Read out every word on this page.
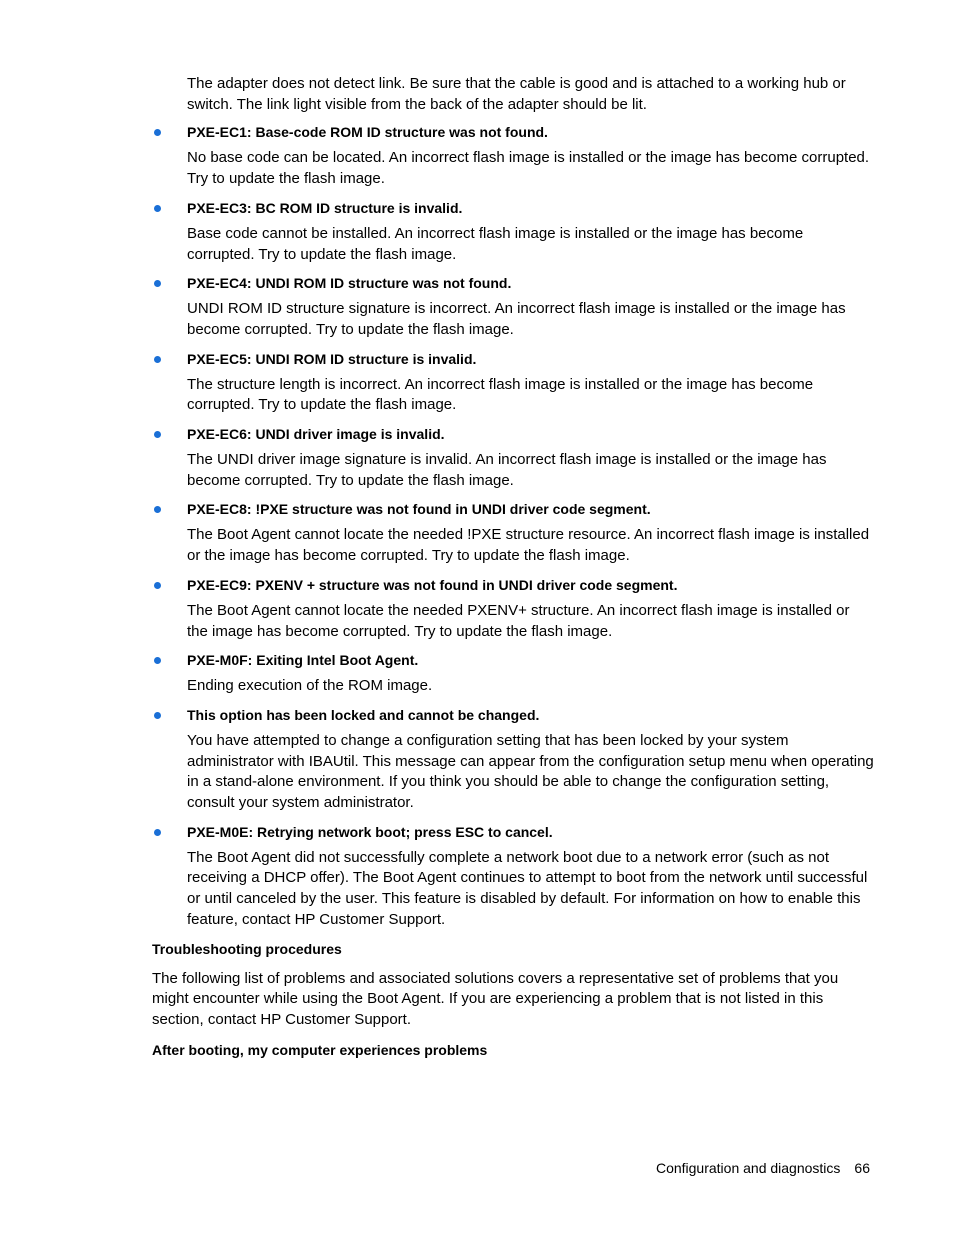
The adapter does not detect link. Be sure that the cable is good and is attached to a working hub or switch. The link light visible from the back of the adapter should be lit.

PXE-EC1: Base-code ROM ID structure was not found.

No base code can be located. An incorrect flash image is installed or the image has become corrupted. Try to update the flash image.

PXE-EC3: BC ROM ID structure is invalid.

Base code cannot be installed. An incorrect flash image is installed or the image has become corrupted. Try to update the flash image.

PXE-EC4: UNDI ROM ID structure was not found.

UNDI ROM ID structure signature is incorrect. An incorrect flash image is installed or the image has become corrupted. Try to update the flash image.

PXE-EC5: UNDI ROM ID structure is invalid.

The structure length is incorrect. An incorrect flash image is installed or the image has become corrupted. Try to update the flash image.

PXE-EC6: UNDI driver image is invalid.

The UNDI driver image signature is invalid. An incorrect flash image is installed or the image has become corrupted. Try to update the flash image.

PXE-EC8: !PXE structure was not found in UNDI driver code segment.

The Boot Agent cannot locate the needed !PXE structure resource. An incorrect flash image is installed or the image has become corrupted. Try to update the flash image.

PXE-EC9: PXENV + structure was not found in UNDI driver code segment.

The Boot Agent cannot locate the needed PXENV+ structure. An incorrect flash image is installed or the image has become corrupted. Try to update the flash image.

PXE-M0F: Exiting Intel Boot Agent.

Ending execution of the ROM image.

This option has been locked and cannot be changed.

You have attempted to change a configuration setting that has been locked by your system administrator with IBAUtil. This message can appear from the configuration setup menu when operating in a stand-alone environment. If you think you should be able to change the configuration setting, consult your system administrator.

PXE-M0E: Retrying network boot; press ESC to cancel.

The Boot Agent did not successfully complete a network boot due to a network error (such as not receiving a DHCP offer). The Boot Agent continues to attempt to boot from the network until successful or until canceled by the user. This feature is disabled by default. For information on how to enable this feature, contact HP Customer Support.

Troubleshooting procedures

The following list of problems and associated solutions covers a representative set of problems that you might encounter while using the Boot Agent. If you are experiencing a problem that is not listed in this section, contact HP Customer Support.

After booting, my computer experiences problems
Configuration and diagnostics 66
